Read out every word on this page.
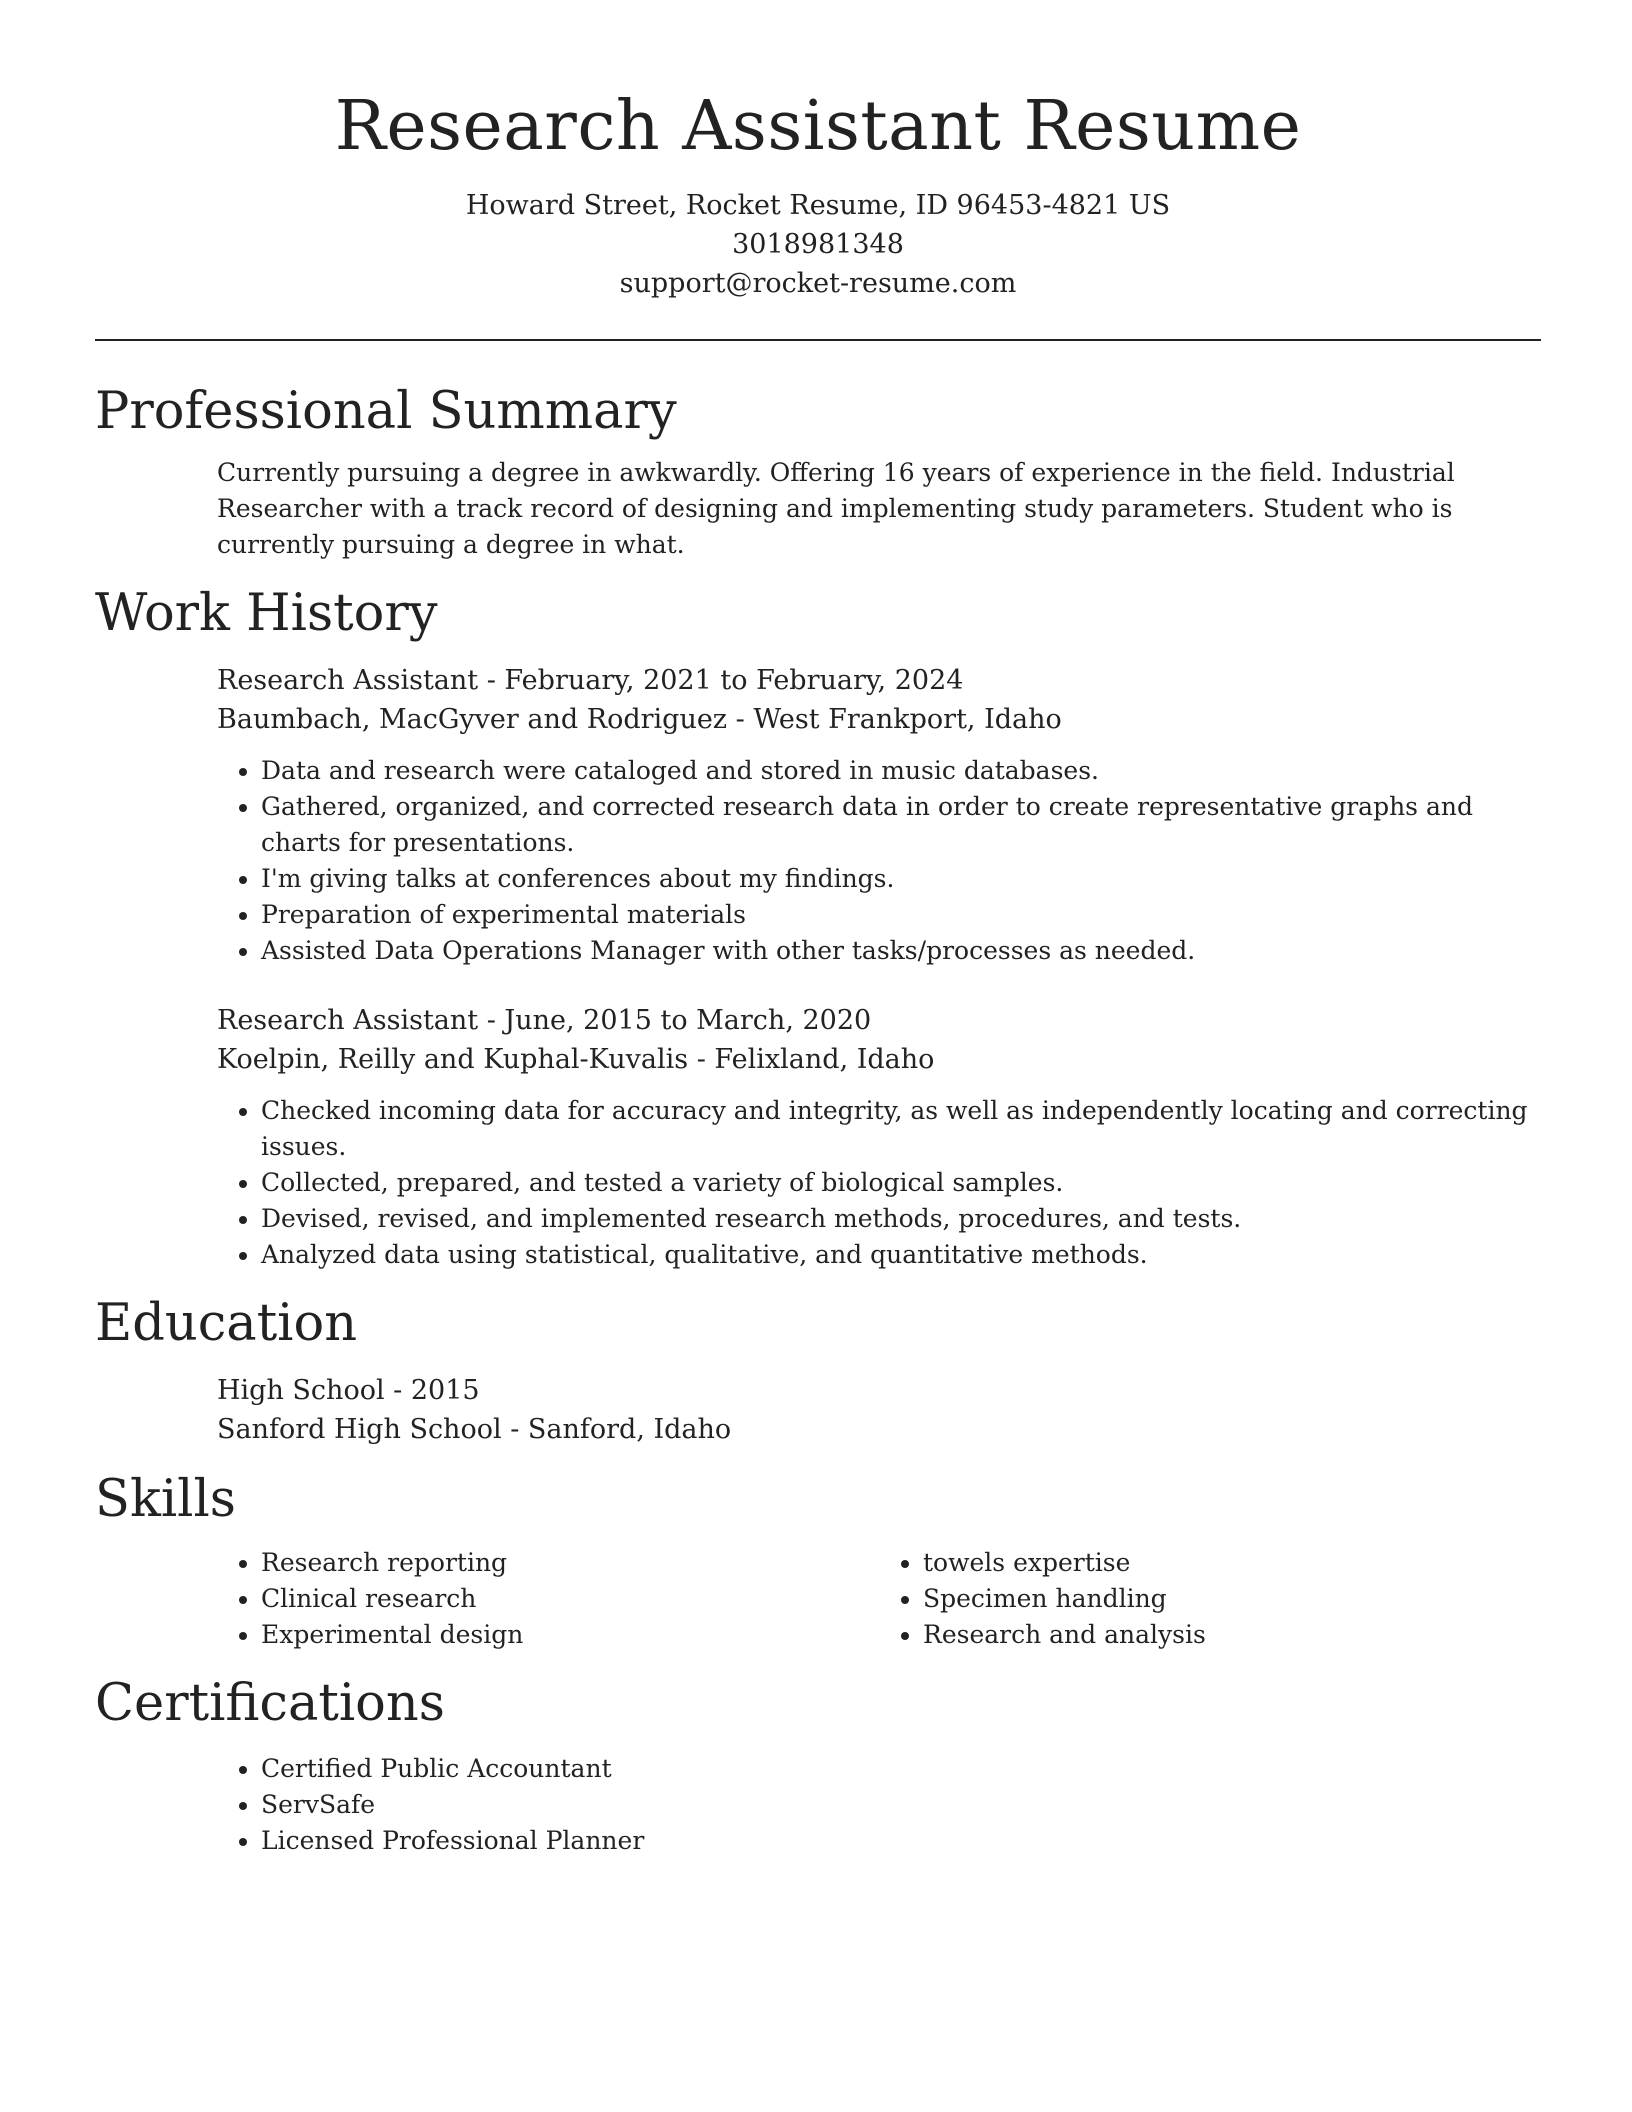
Research Assistant Resume
Howard Street, Rocket Resume, ID 96453-4821 US
3018981348
support@rocket-resume.com
Professional Summary
Currently pursuing a degree in awkwardly. Offering 16 years of experience in the field. Industrial Researcher with a track record of designing and implementing study parameters. Student who is currently pursuing a degree in what.
Work History
Research Assistant - February, 2021 to February, 2024
Baumbach, MacGyver and Rodriguez - West Frankport, Idaho
• Data and research were cataloged and stored in music databases.
• Gathered, organized, and corrected research data in order to create representative graphs and charts for presentations.
• I'm giving talks at conferences about my findings.
• Preparation of experimental materials
• Assisted Data Operations Manager with other tasks/processes as needed.
Research Assistant - June, 2015 to March, 2020
Koelpin, Reilly and Kuphal-Kuvalis - Felixland, Idaho
• Checked incoming data for accuracy and integrity, as well as independently locating and correcting issues.
• Collected, prepared, and tested a variety of biological samples.
• Devised, revised, and implemented research methods, procedures, and tests.
• Analyzed data using statistical, qualitative, and quantitative methods.
Education
High School - 2015
Sanford High School - Sanford, Idaho
Skills
• Research reporting
• Clinical research
• Experimental design
• towels expertise
• Specimen handling
• Research and analysis
Certifications
• Certified Public Accountant
• ServSafe
• Licensed Professional Planner
